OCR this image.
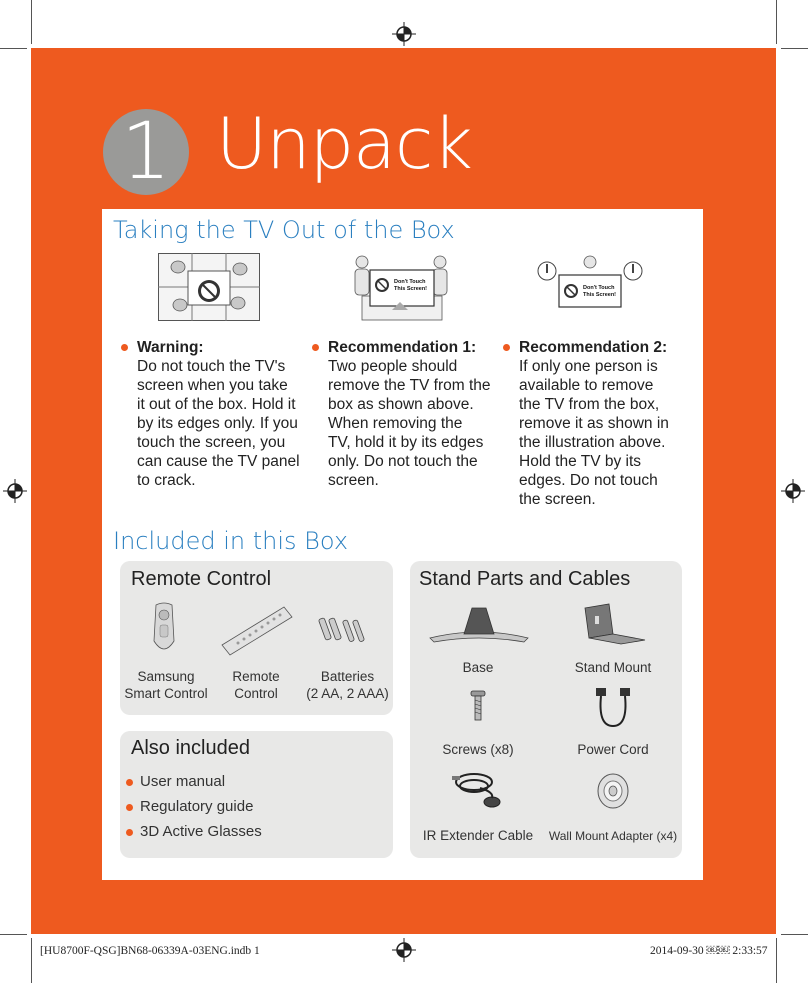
1 Unpack
Taking the TV Out of the Box
Don't Touch
This Screen!	Don't Touch
This Screen!
Warning:
Do not touch the TV's
screen when you take
it out of the box. Hold it
by its edges only. If you
touch the screen, you
can cause the TV panel
to crack.
Recommendation 1:
Two people should
remove the TV from the
box as shown above.
When removing the
TV, hold it by its edges
only. Do not touch the
screen.
Recommendation 2:
If only one person is
available to remove
the TV from the box,
remove it as shown in
the illustration above.
Hold the TV by its
edges. Do not touch
the screen.
Included in this Box
Remote Control
Samsung
Smart Control
Remote
Control
Batteries
(2 AA, 2 AAA)
Also included
User manual
Regulatory guide
3D Active Glasses
Stand Parts and Cables
Base	Stand Mount
Screws (x8)	Power Cord
IR Extender Cable	Wall Mount Adapter (x4)
[HU8700F-QSG]BN68-06339A-03ENG.indb 1	2014-09-30 ￼￼ 2:33:57
